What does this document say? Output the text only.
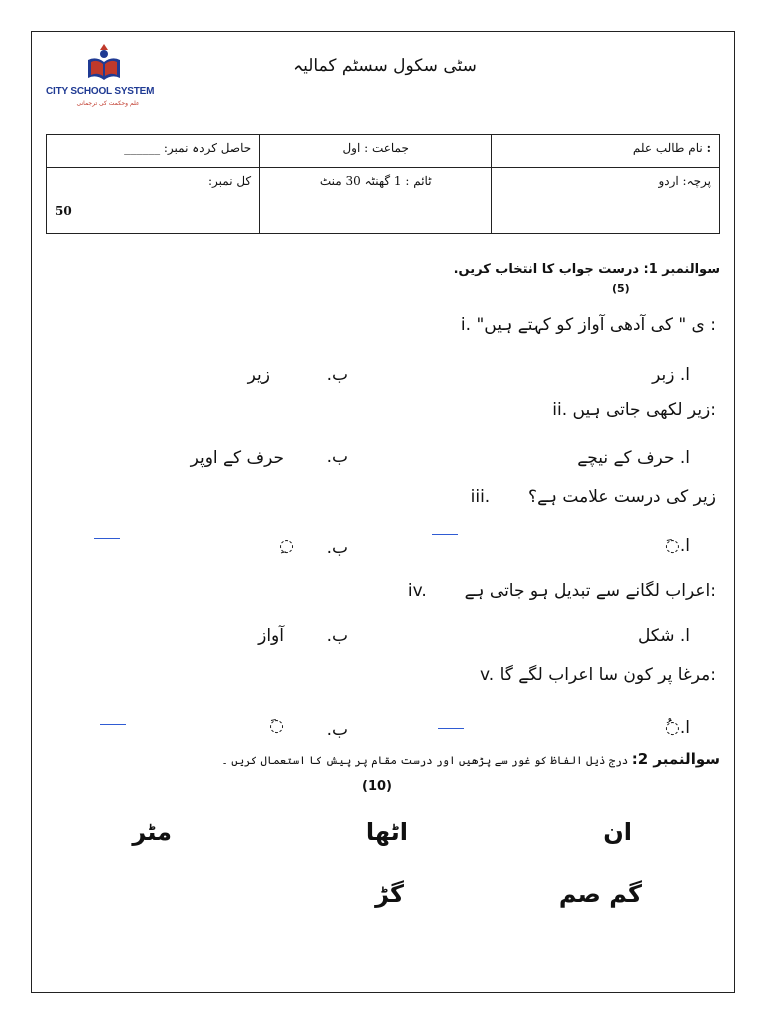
CITY SCHOOL SYSTEM
علم وحکمت کی ترجمانی
سٹی سکول سسٹم کمالیہ
: نام طالب علم	جماعت : اول	حاصل کردہ نمبر: ______
پرچہ: اردو	ٹائم : 1 گھنٹہ 30 منٹ	کل نمبر:
50
سوالنمبر 1: درست جواب کا انتخاب کریں.
(5)
i. "ی " کی آدھی آواز کو کہتے ہیں :
ا. زبر
ب.
زیر
ii. زیر لکھی جاتی ہیں:
ا. حرف کے نیچے
ب.
حرف کے اوپر
iii. زیر کی درست علامت ہے؟
ا.◌َ
ب.
◌ِ
iv. اعراب لگانے سے تبدیل ہو جاتی ہے:
ا. شکل
ب.
آواز
v. مرغا پر کون سا اعراب لگے گا:
ا.◌ُ
ب.
◌َ
سوالنمبر 2: درج ذیل الفاظ کو غور سے پڑھیں اور درست مقام پر پیش کا استعمال کریں ۔
(10)
ان
اٹھا
مٹر
گم صم
گڑ
